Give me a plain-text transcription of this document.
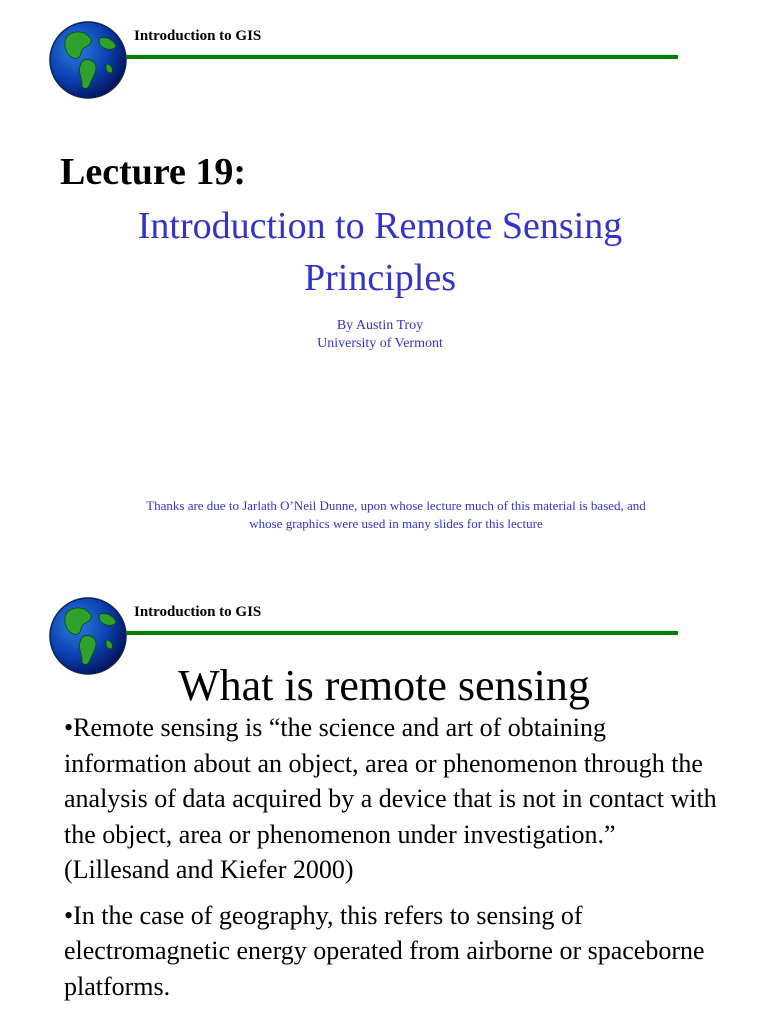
Introduction to GIS
Lecture 19:
Introduction to Remote Sensing
Principles
By Austin Troy
University of Vermont
Thanks are due to Jarlath O’Neil Dunne, upon whose lecture much of this material is based, and
whose graphics were used in many slides for this lecture
Introduction to GIS
What is remote sensing

•Remote sensing is “the science and art of obtaining information about an object, area or phenomenon through the analysis of data acquired by a device that is not in contact with the object, area or phenomenon under investigation.” (Lillesand and Kiefer 2000)

•In the case of geography, this refers to sensing of electromagnetic energy operated from airborne or spaceborne platforms.
